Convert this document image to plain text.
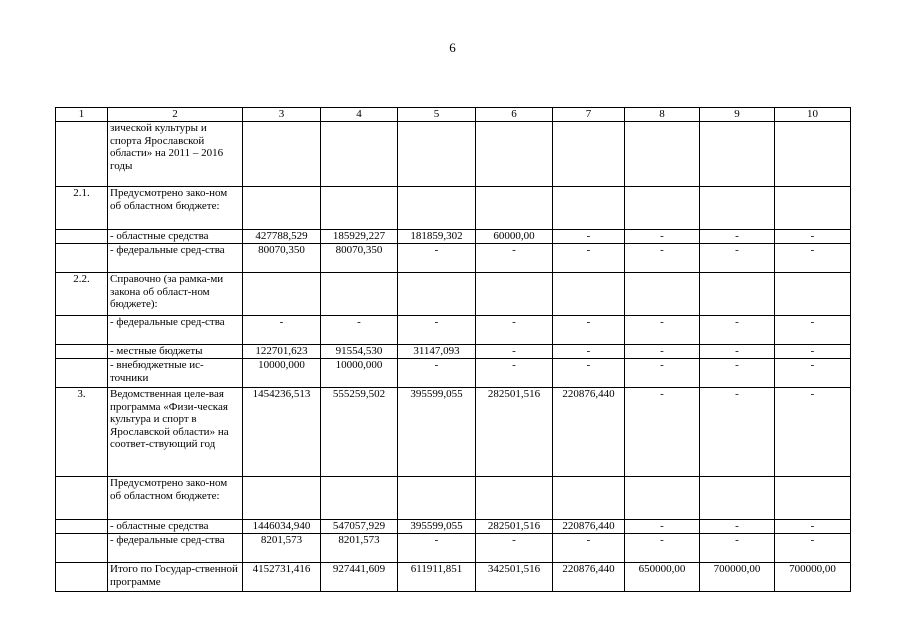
6
1	2	3	4	5	6	7	8	9	10
	зической культуры и спорта Ярославской области» на 2011 – 2016 годы								
2.1.	Предусмотрено зако-ном об областном бюджете:								
	- областные средства	427788,529	185929,227	181859,302	60000,00	-	-	-	-
	- федеральные сред-ства	80070,350	80070,350	-	-	-	-	-	-
2.2.	Справочно (за рамка-ми закона об област-ном бюджете):								
	- федеральные сред-ства	-	-	-	-	-	-	-	-
	- местные бюджеты	122701,623	91554,530	31147,093	-	-	-	-	-
	- внебюджетные ис-точники	10000,000	10000,000	-	-	-	-	-	-
3.	Ведомственная целе-вая программа «Физи-ческая культура и спорт в Ярославской области» на соответ-ствующий год	1454236,513	555259,502	395599,055	282501,516	220876,440	-	-	-
	Предусмотрено зако-ном об областном бюджете:								
	- областные средства	1446034,940	547057,929	395599,055	282501,516	220876,440	-	-	-
	- федеральные сред-ства	8201,573	8201,573	-	-	-	-	-	-
	Итого по Государ-ственной программе	4152731,416	927441,609	611911,851	342501,516	220876,440	650000,00	700000,00	700000,00
